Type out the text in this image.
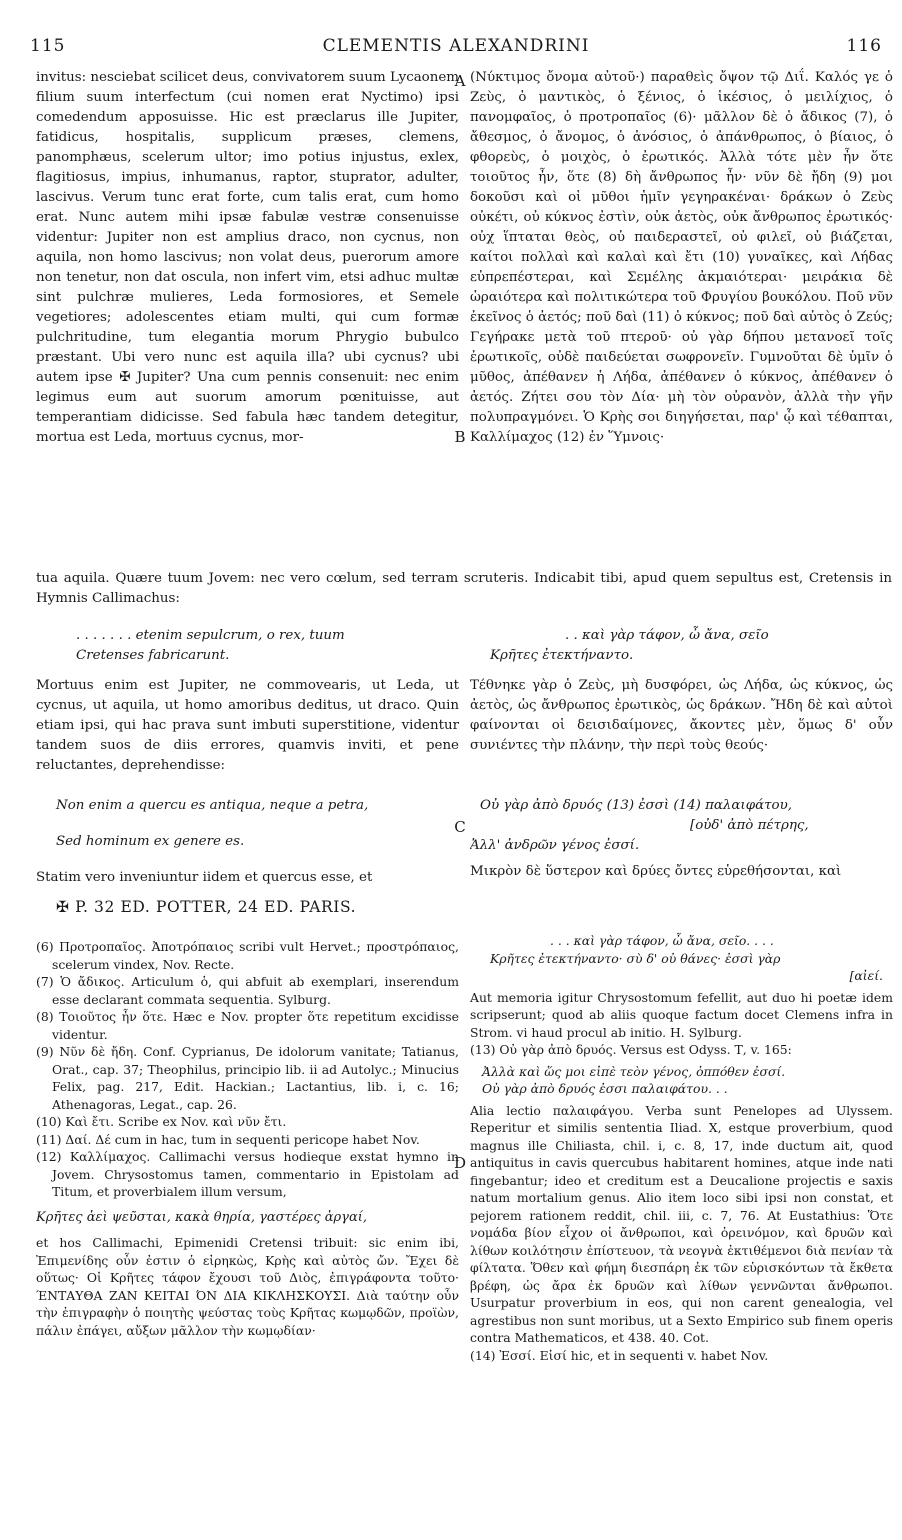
115	CLEMENTIS ALEXANDRINI	116
A
B
C
D

invitus: nesciebat scilicet deus, convivatorem suum Lycaonem filium suum interfectum (cui nomen erat Nyctimo) ipsi comedendum apposuisse. Hic est præclarus ille Jupiter, fatidicus, hospitalis, supplicum præses, clemens, panomphæus, scelerum ultor; imo potius injustus, exlex, flagitiosus, impius, inhumanus, raptor, stuprator, adulter, lascivus. Verum tunc erat forte, cum talis erat, cum homo erat. Nunc autem mihi ipsæ fabulæ vestræ consenuisse videntur: Jupiter non est amplius draco, non cycnus, non aquila, non homo lascivus; non volat deus, puerorum amore non tenetur, non dat oscula, non infert vim, etsi adhuc multæ sint pulchræ mulieres, Leda formosiores, et Semele vegetiores; adolescentes etiam multi, qui cum formæ pulchritudine, tum elegantia morum Phrygio bubulco præstant. Ubi vero nunc est aquila illa? ubi cycnus? ubi autem ipse ✠ Jupiter? Una cum pennis consenuit: nec enim legimus eum aut suorum amorum pœnituisse, aut temperantiam didicisse. Sed fabula hæc tandem detegitur, mortua est Leda, mortuus cycnus, mor-

(Νύκτιμος ὄνομα αὐτοῦ·) παραθεὶς ὄψον τῷ Διΐ. Καλός γε ὁ Ζεὺς, ὁ μαντικὸς, ὁ ξένιος, ὁ ἱκέσιος, ὁ μειλίχιος, ὁ πανομφαῖος, ὁ προτροπαῖος (6)· μᾶλλον δὲ ὁ ἄδικος (7), ὁ ἄθεσμος, ὁ ἄνομος, ὁ ἀνόσιος, ὁ ἀπάνθρωπος, ὁ βίαιος, ὁ φθορεὺς, ὁ μοιχὸς, ὁ ἐρωτικός. Ἀλλὰ τότε μὲν ἦν ὅτε τοιοῦτος ἦν, ὅτε (8) δὴ ἄνθρωπος ἦν· νῦν δὲ ἤδη (9) μοι δοκοῦσι καὶ οἱ μῦθοι ἡμῖν γεγηρακέναι· δράκων ὁ Ζεὺς οὐκέτι, οὐ κύκνος ἐστὶν, οὐκ ἀετὸς, οὐκ ἄνθρωπος ἐρωτικός· οὐχ ἵπταται θεὸς, οὐ παιδεραστεῖ, οὐ φιλεῖ, οὐ βιάζεται, καίτοι πολλαὶ καὶ καλαὶ καὶ ἔτι (10) γυναῖκες, καὶ Λήδας εὐπρεπέστεραι, καὶ Σεμέλης ἀκμαιότεραι· μειράκια δὲ ὡραιότερα καὶ πολιτικώτερα τοῦ Φρυγίου βουκόλου. Ποῦ νῦν ἐκεῖνος ὁ ἀετός; ποῦ δαὶ (11) ὁ κύκνος; ποῦ δαὶ αὐτὸς ὁ Ζεύς; Γεγήρακε μετὰ τοῦ πτεροῦ· οὐ γὰρ δήπου μετανοεῖ τοῖς ἐρωτικοῖς, οὐδὲ παιδεύεται σωφρονεῖν. Γυμνοῦται δὲ ὑμῖν ὁ μῦθος, ἀπέθανεν ἡ Λήδα, ἀπέθανεν ὁ κύκνος, ἀπέθανεν ὁ ἀετός. Ζήτει σου τὸν Δία· μὴ τὸν οὐρανὸν, ἀλλὰ τὴν γῆν πολυπραγμόνει. Ὁ Κρὴς σοι διηγήσεται, παρ' ᾧ καὶ τέθαπται, Καλλίμαχος (12) ἐν Ὕμνοις·

tua aquila. Quære tuum Jovem: nec vero cœlum, sed terram scruteris. Indicabit tibi, apud quem sepultus est, Cretensis in Hymnis Callimachus:

. . . . . . . etenim sepulcrum, o rex, tuum

Cretenses fabricarunt.

. . καὶ γὰρ τάφον, ὦ ἄνα, σεῖο

Κρῆτες ἐτεκτήναντο.

Mortuus enim est Jupiter, ne commovearis, ut Leda, ut cycnus, ut aquila, ut homo amoribus deditus, ut draco. Quin etiam ipsi, qui hac prava sunt imbuti superstitione, videntur tandem suos de diis errores, quamvis inviti, et pene reluctantes, deprehendisse:

Τέθνηκε γὰρ ὁ Ζεὺς, μὴ δυσφόρει, ὡς Λήδα, ὡς κύκνος, ὡς ἀετὸς, ὡς ἄνθρωπος ἐρωτικὸς, ὡς δράκων. Ἤδη δὲ καὶ αὐτοὶ φαίνονται οἱ δεισιδαίμονες, ἄκοντες μὲν, ὅμως δ' οὖν συνιέντες τὴν πλάνην, τὴν περὶ τοὺς θεούς·

Non enim a quercu es antiqua, neque a petra,

Sed hominum ex genere es.

Οὐ γὰρ ἀπὸ δρυός (13) ἐσσὶ (14) παλαιφάτου,

[οὐδ' ἀπὸ πέτρης,

Ἀλλ' ἀνδρῶν γένος ἐσσί.

Statim vero inveniuntur iidem et quercus esse, et	Μικρὸν δὲ ὕστερον καὶ δρύες ὄντες εὑρεθήσονται, καὶ

✠ P. 32 ED. POTTER, 24 ED. PARIS.

(6) Προτροπαῖος. Ἀποτρόπαιος scribi vult Hervet.; προστρόπαιος, scelerum vindex, Nov. Recte.

(7) Ὁ ἄδικος. Articulum ὁ, qui abfuit ab exemplari, inserendum esse declarant commata sequentia. Sylburg.

(8) Τοιοῦτος ἦν ὅτε. Hæc e Nov. propter ὅτε repetitum excidisse videntur.

(9) Νῦν δὲ ἤδη. Conf. Cyprianus, De idolorum vanitate; Tatianus, Orat., cap. 37; Theophilus, principio lib. ii ad Autolyc.; Minucius Felix, pag. 217, Edit. Hackian.; Lactantius, lib. i, c. 16; Athenagoras, Legat., cap. 26.

(10) Καὶ ἔτι. Scribe ex Nov. καὶ νῦν ἔτι.

(11) Δαί. Δέ cum in hac, tum in sequenti pericope habet Nov.

(12) Καλλίμαχος. Callimachi versus hodieque exstat hymno in Jovem. Chrysostomus tamen, commentario in Epistolam ad Titum, et proverbialem illum versum,

Κρῆτες ἀεὶ ψεῦσται, κακὰ θηρία, γαστέρες ἀργαί,

et hos Callimachi, Epimenidi Cretensi tribuit: sic enim ibi, Ἐπιμενίδης οὖν ἐστιν ὁ εἰρηκὼς, Κρὴς καὶ αὐτὸς ὤν. Ἔχει δὲ οὕτως· Οἱ Κρῆτες τάφον ἔχουσι τοῦ Διὸς, ἐπιγράφοντα τοῦτο· ΈΝΤΑΥΘΑ ΖΑΝ ΚΕΙΤΑΙ ΌΝ ΔΙΑ ΚΙΚΛΗΣΚΟΥΣΙ. Διὰ ταύτην οὖν τὴν ἐπιγραφὴν ὁ ποιητὴς ψεύστας τοὺς Κρῆτας κωμῳδῶν, προϊὼν, πάλιν ἐπάγει, αὔξων μᾶλλον τὴν κωμῳδίαν·

. . . καὶ γὰρ τάφον, ὦ ἄνα, σεῖο. . . .

Κρῆτες ἐτεκτήναντο· σὺ δ' οὐ θάνες· ἐσσὶ γὰρ

[αἰεί.

Aut memoria igitur Chrysostomum fefellit, aut duo hi poetæ idem scripserunt; quod ab aliis quoque factum docet Clemens infra in Strom. vi haud procul ab initio. H. Sylburg.

(13) Οὐ γὰρ ἀπὸ δρυός. Versus est Odyss. Τ, v. 165:

Ἀλλὰ καὶ ὥς μοι εἰπὲ τεὸν γένος, ὁππόθεν ἐσσί.

Οὐ γὰρ ἀπὸ δρυός ἐσσι παλαιφάτου. . .

Alia lectio παλαιφάγου. Verba sunt Penelopes ad Ulyssem. Reperitur et similis sententia Iliad. X, estque proverbium, quod magnus ille Chiliasta, chil. i, c. 8, 17, inde ductum ait, quod antiquitus in cavis quercubus habitarent homines, atque inde nati fingebantur; ideo et creditum est a Deucalione projectis e saxis natum mortalium genus. Alio item loco sibi ipsi non constat, et pejorem rationem reddit, chil. iii, c. 7, 76. At Eustathius: Ὅτε νομάδα βίον εἶχον οἱ ἄνθρωποι, καὶ ὀρεινόμον, καὶ δρυῶν καὶ λίθων κοιλότησιν ἐπίστευον, τὰ νεογνὰ ἐκτιθέμενοι διὰ πενίαν τὰ φίλτατα. Ὅθεν καὶ φήμη διεσπάρη ἐκ τῶν εὑρισκόντων τὰ ἔκθετα βρέφη, ὡς ἄρα ἐκ δρυῶν καὶ λίθων γεννῶνται ἄνθρωποι. Usurpatur proverbium in eos, qui non carent genealogia, vel agrestibus non sunt moribus, ut a Sexto Empirico sub finem operis contra Mathematicos, et 438. 40. Cot.

(14) Ἐσσί. Εἰσί hic, et in sequenti v. habet Nov.
